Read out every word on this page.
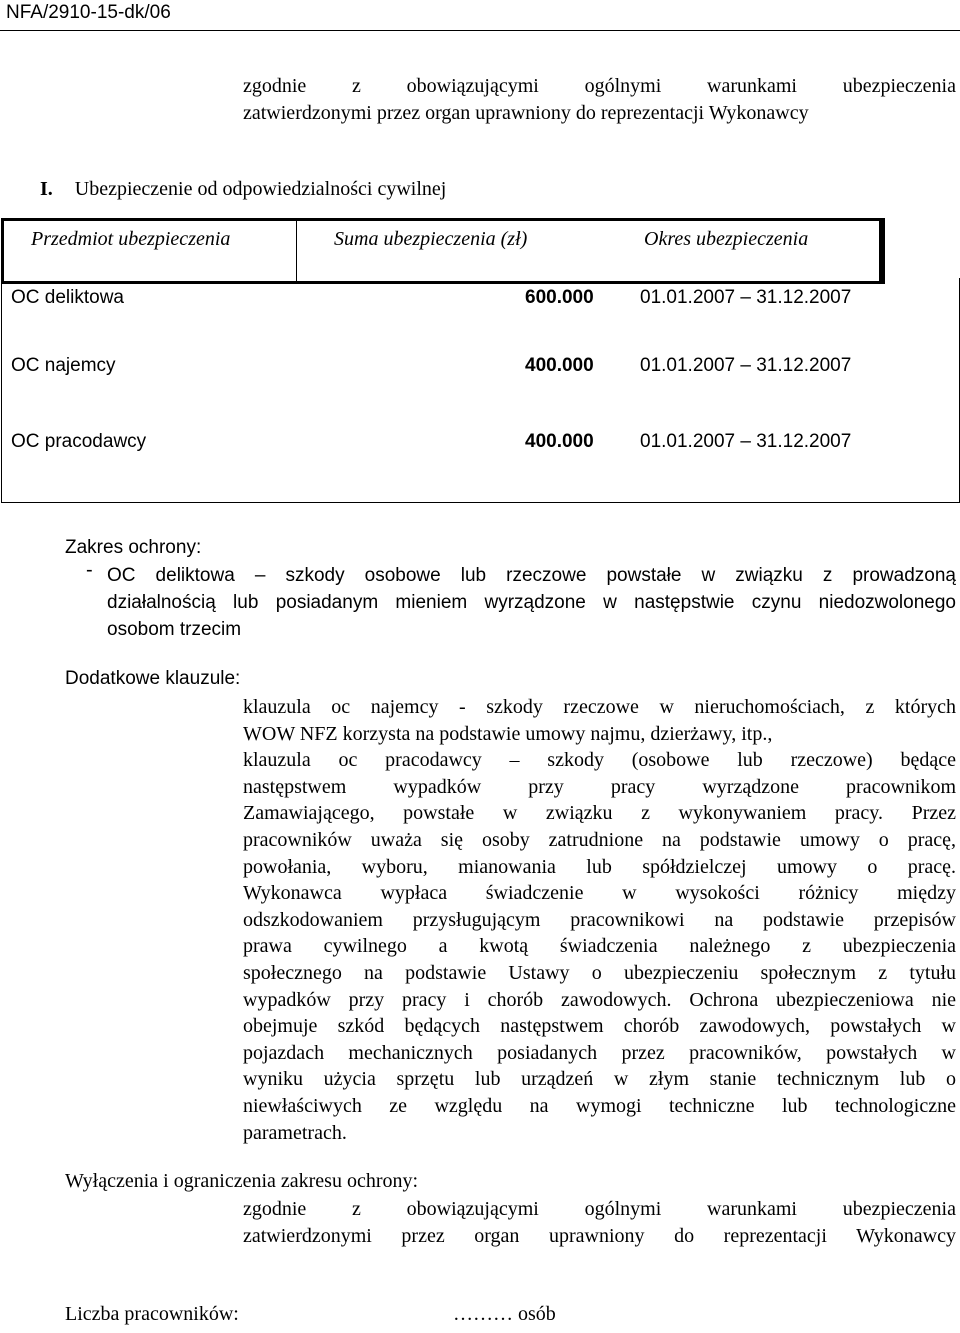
NFA/2910-15-dk/06
zgodnie z obowiązującymi ogólnymi warunkami ubezpieczenia
zatwierdzonymi przez organ uprawniony do reprezentacji Wykonawcy
I. Ubezpieczenie od odpowiedzialności cywilnej
Przedmiot ubezpieczenia	Suma ubezpieczenia (zł)	Okres ubezpieczenia
OC deliktowa	600.000 01.01.2007 – 31.12.2007
OC najemcy	400.000 01.01.2007 – 31.12.2007
OC pracodawcy	400.000 01.01.2007 – 31.12.2007
Zakres ochrony:
- OC deliktowa – szkody osobowe lub rzeczowe powstałe w związku z prowadzoną
działalnością lub posiadanym mieniem wyrządzone w następstwie czynu niedozwolonego
osobom trzecim
Dodatkowe klauzule:
klauzula oc najemcy - szkody rzeczowe w nieruchomościach, z których
WOW NFZ korzysta na podstawie umowy najmu, dzierżawy, itp.,
klauzula oc pracodawcy – szkody (osobowe lub rzeczowe) będące
następstwem wypadków przy pracy wyrządzone pracownikom
Zamawiającego, powstałe w związku z wykonywaniem pracy. Przez
pracowników uważa się osoby zatrudnione na podstawie umowy o pracę,
powołania, wyboru, mianowania lub spółdzielczej umowy o pracę.
Wykonawca wypłaca świadczenie w wysokości różnicy między
odszkodowaniem przysługującym pracownikowi na podstawie przepisów
prawa cywilnego a kwotą świadczenia należnego z ubezpieczenia
społecznego na podstawie Ustawy o ubezpieczeniu społecznym z tytułu
wypadków przy pracy i chorób zawodowych. Ochrona ubezpieczeniowa nie
obejmuje szkód będących następstwem chorób zawodowych, powstałych w
pojazdach mechanicznych posiadanych przez pracowników, powstałych w
wyniku użycia sprzętu lub urządzeń w złym stanie technicznym lub o
niewłaściwych ze względu na wymogi techniczne lub technologiczne
parametrach.
Wyłączenia i ograniczenia zakresu ochrony:
zgodnie z obowiązującymi ogólnymi warunkami ubezpieczenia
zatwierdzonymi przez organ uprawniony do reprezentacji Wykonawcy
Liczba pracowników:	……… osób
